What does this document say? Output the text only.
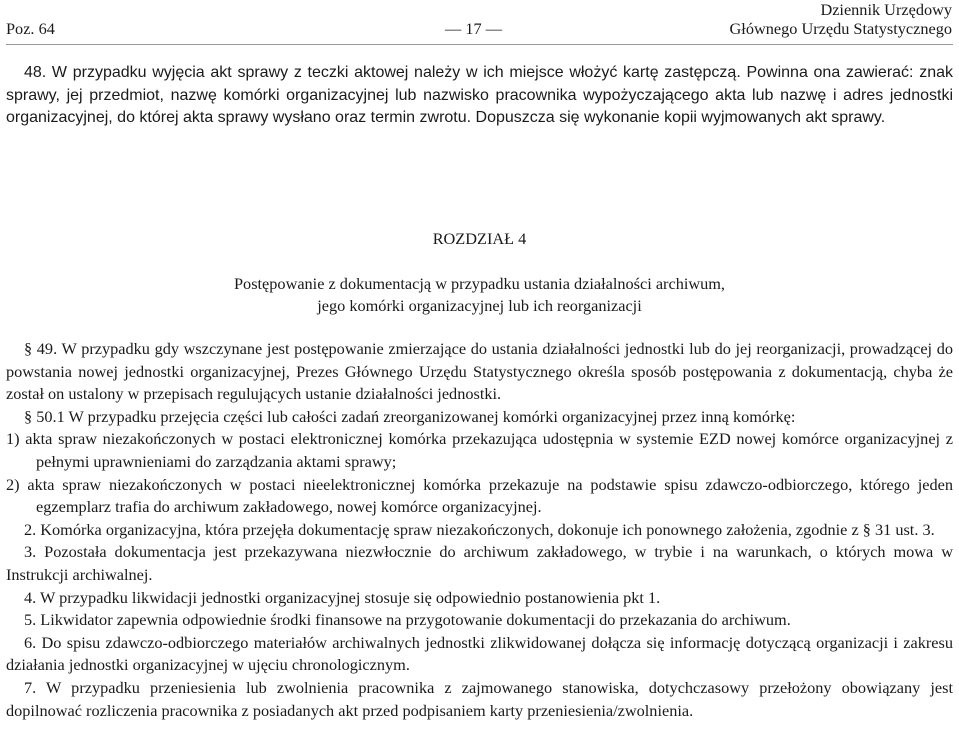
Poz. 64	— 17 —
Dziennik Urzędowy
Głównego Urzędu Statystycznego

48. W przypadku wyjęcia akt sprawy z teczki aktowej należy w ich miejsce włożyć kartę zastępczą. Powinna ona zawierać: znak sprawy, jej przedmiot, nazwę komórki organizacyjnej lub nazwisko pracownika wypożyczającego akta lub nazwę i adres jednostki organizacyjnej, do której akta sprawy wysłano oraz termin zwrotu. Dopuszcza się wykonanie kopii wyjmowanych akt sprawy.

ROZDZIAŁ 4
Postępowanie z dokumentacją w przypadku ustania działalności archiwum,
jego komórki organizacyjnej lub ich reorganizacji

§ 49. W przypadku gdy wszczynane jest postępowanie zmierzające do ustania działalności jednostki lub do jej reorganizacji, prowadzącej do powstania nowej jednostki organizacyjnej, Prezes Głównego Urzędu Statystycznego określa sposób postępowania z dokumentacją, chyba że został on ustalony w przepisach regulujących ustanie działalności jednostki.

§ 50.1 W przypadku przejęcia części lub całości zadań zreorganizowanej komórki organizacyjnej przez inną komórkę:

1) akta spraw niezakończonych w postaci elektronicznej komórka przekazująca udostępnia w systemie EZD nowej komórce organizacyjnej z pełnymi uprawnieniami do zarządzania aktami sprawy;

2) akta spraw niezakończonych w postaci nieelektronicznej komórka przekazuje na podstawie spisu zdawczo-odbiorczego, którego jeden egzemplarz trafia do archiwum zakładowego, nowej komórce organizacyjnej.

2. Komórka organizacyjna, która przejęła dokumentację spraw niezakończonych, dokonuje ich ponownego założenia, zgodnie z § 31 ust. 3.

3. Pozostała dokumentacja jest przekazywana niezwłocznie do archiwum zakładowego, w trybie i na warunkach, o których mowa w Instrukcji archiwalnej.

4. W przypadku likwidacji jednostki organizacyjnej stosuje się odpowiednio postanowienia pkt 1.

5. Likwidator zapewnia odpowiednie środki finansowe na przygotowanie dokumentacji do przekazania do archiwum.

6. Do spisu zdawczo-odbiorczego materiałów archiwalnych jednostki zlikwidowanej dołącza się informację dotyczącą organizacji i zakresu działania jednostki organizacyjnej w ujęciu chronologicznym.

7. W przypadku przeniesienia lub zwolnienia pracownika z zajmowanego stanowiska, dotychczasowy przełożony obowiązany jest dopilnować rozliczenia pracownika z posiadanych akt przed podpisaniem karty przeniesienia/zwolnienia.
